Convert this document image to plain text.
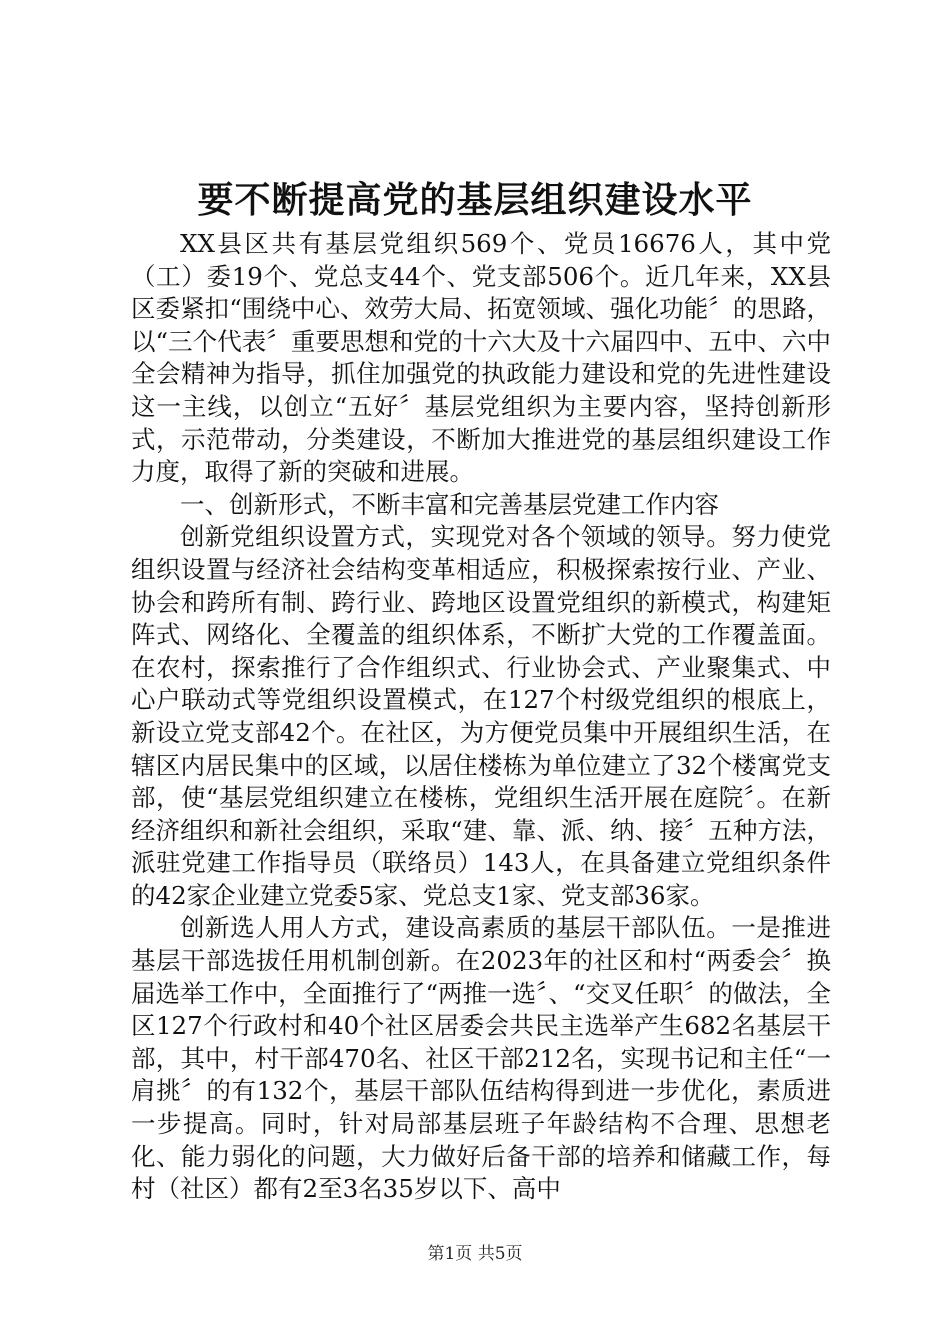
要不断提高党的基层组织建设水平

XX县区共有基层党组织569个、党员16676人，其中党（工）委19个、党总支44个、党支部506个。近几年来，XX县区委紧扣“围绕中心、效劳大局、拓宽领域、强化功能〞的思路，以“三个代表〞重要思想和党的十六大及十六届四中、五中、六中全会精神为指导，抓住加强党的执政能力建设和党的先进性建设这一主线，以创立“五好〞基层党组织为主要内容，坚持创新形式，示范带动，分类建设，不断加大推进党的基层组织建设工作力度，取得了新的突破和进展。

一、创新形式，不断丰富和完善基层党建工作内容

创新党组织设置方式，实现党对各个领域的领导。努力使党组织设置与经济社会结构变革相适应，积极探索按行业、产业、协会和跨所有制、跨行业、跨地区设置党组织的新模式，构建矩阵式、网络化、全覆盖的组织体系，不断扩大党的工作覆盖面。在农村，探索推行了合作组织式、行业协会式、产业聚集式、中心户联动式等党组织设置模式，在127个村级党组织的根底上，新设立党支部42个。在社区，为方便党员集中开展组织生活，在辖区内居民集中的区域，以居住楼栋为单位建立了32个楼寓党支部，使“基层党组织建立在楼栋，党组织生活开展在庭院〞。在新经济组织和新社会组织，采取“建、靠、派、纳、接〞五种方法，派驻党建工作指导员（联络员）143人，在具备建立党组织条件的42家企业建立党委5家、党总支1家、党支部36家。

创新选人用人方式，建设高素质的基层干部队伍。一是推进基层干部选拔任用机制创新。在2023年的社区和村“两委会〞换届选举工作中，全面推行了“两推一选〞、“交叉任职〞的做法，全区127个行政村和40个社区居委会共民主选举产生682名基层干部，其中，村干部470名、社区干部212名，实现书记和主任“一肩挑〞的有132个，基层干部队伍结构得到进一步优化，素质进一步提高。同时，针对局部基层班子年龄结构不合理、思想老化、能力弱化的问题，大力做好后备干部的培养和储藏工作，每村（社区）都有2至3名35岁以下、高中

第1页 共5页
